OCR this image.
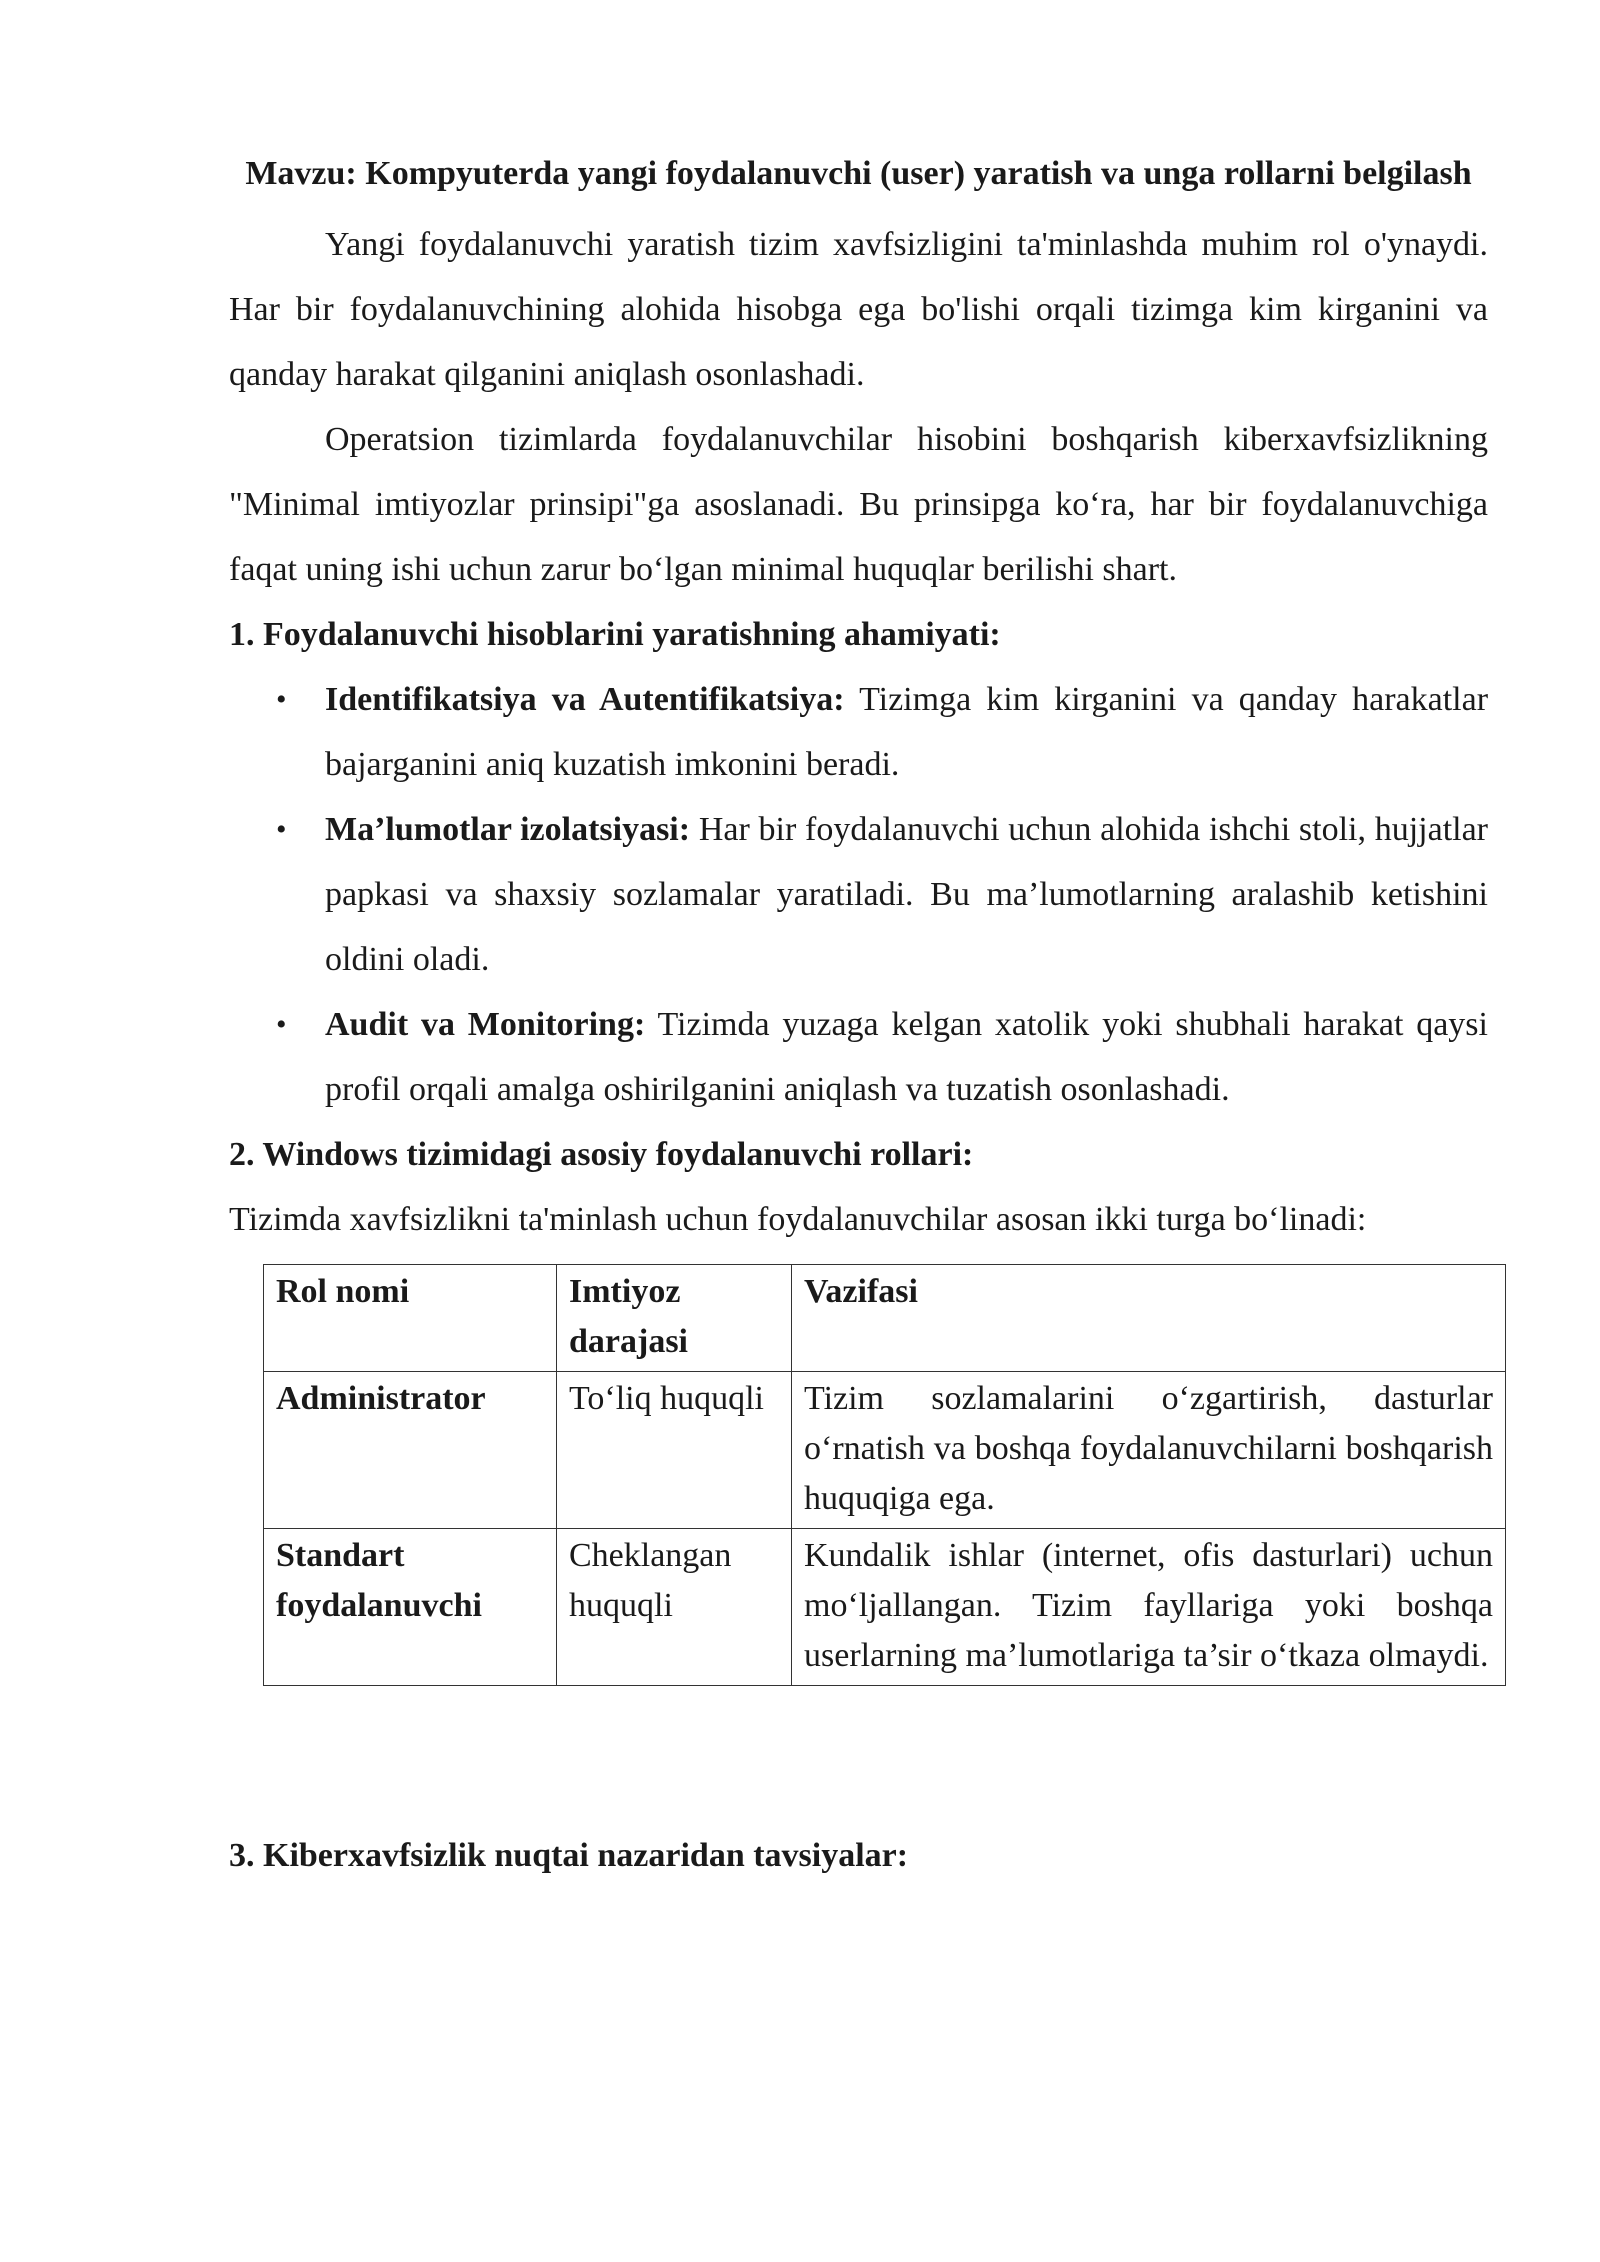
Mavzu: Kompyuterda yangi foydalanuvchi (user) yaratish va unga rollarni belgilash

Yangi foydalanuvchi yaratish tizim xavfsizligini ta'minlashda muhim rol o'ynaydi. Har bir foydalanuvchining alohida hisobga ega bo'lishi orqali tizimga kim kirganini va qanday harakat qilganini aniqlash osonlashadi.

Operatsion tizimlarda foydalanuvchilar hisobini boshqarish kiberxavfsizlikning "Minimal imtiyozlar prinsipi"ga asoslanadi. Bu prinsipga ko‘ra, har bir foydalanuvchiga faqat uning ishi uchun zarur bo‘lgan minimal huquqlar berilishi shart.

1. Foydalanuvchi hisoblarini yaratishning ahamiyati:

• Identifikatsiya va Autentifikatsiya: Tizimga kim kirganini va qanday harakatlar bajarganini aniq kuzatish imkonini beradi.
• Ma’lumotlar izolatsiyasi: Har bir foydalanuvchi uchun alohida ishchi stoli, hujjatlar papkasi va shaxsiy sozlamalar yaratiladi. Bu ma’lumotlarning aralashib ketishini oldini oladi.
• Audit va Monitoring: Tizimda yuzaga kelgan xatolik yoki shubhali harakat qaysi profil orqali amalga oshirilganini aniqlash va tuzatish osonlashadi.

2. Windows tizimidagi asosiy foydalanuvchi rollari:

Tizimda xavfsizlikni ta'minlash uchun foydalanuvchilar asosan ikki turga bo‘linadi:

Rol nomi	Imtiyoz darajasi	Vazifasi
Administrator	To‘liq huquqli	Tizim sozlamalarini o‘zgartirish, dasturlar o‘rnatish va boshqa foydalanuvchilarni boshqarish huquqiga ega.
Standart foydalanuvchi	Cheklangan huquqli	Kundalik ishlar (internet, ofis dasturlari) uchun mo‘ljallangan. Tizim fayllariga yoki boshqa userlarning ma’lumotlariga ta’sir o‘tkaza olmaydi.

3. Kiberxavfsizlik nuqtai nazaridan tavsiyalar:
